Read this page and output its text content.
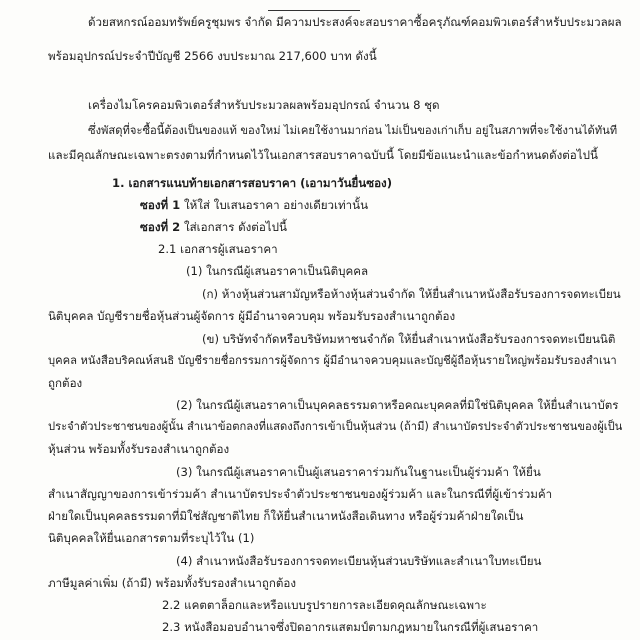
ด้วยสหกรณ์ออมทรัพย์ครูชุมพร จำกัด มีความประสงค์จะสอบราคาซื้อครุภัณฑ์คอมพิวเตอร์สำหรับประมวลผล

พร้อมอุปกรณ์ประจำปีบัญชี 2566 งบประมาณ 217,600 บาท ดังนี้

เครื่องไมโครคอมพิวเตอร์สำหรับประมวลผลพร้อมอุปกรณ์ จำนวน 8 ชุด

ซึ่งพัสดุที่จะซื้อนี้ต้องเป็นของแท้ ของใหม่ ไม่เคยใช้งานมาก่อน ไม่เป็นของเก่าเก็บ อยู่ในสภาพที่จะใช้งานได้ทันที

และมีคุณลักษณะเฉพาะตรงตามที่กำหนดไว้ในเอกสารสอบราคาฉบับนี้ โดยมีข้อแนะนำและข้อกำหนดดังต่อไปนี้

1. เอกสารแนบท้ายเอกสารสอบราคา (เอามาวันยื่นซอง)

ซองที่ 1 ให้ใส่ ใบเสนอราคา อย่างเดียวเท่านั้น

ซองที่ 2 ใส่เอกสาร ดังต่อไปนี้

2.1 เอกสารผู้เสนอราคา

(1) ในกรณีผู้เสนอราคาเป็นนิติบุคคล

(ก) ห้างหุ้นส่วนสามัญหรือห้างหุ้นส่วนจำกัด ให้ยื่นสำเนาหนังสือรับรองการจดทะเบียน

นิติบุคคล บัญชีรายชื่อหุ้นส่วนผู้จัดการ ผู้มีอำนาจควบคุม พร้อมรับรองสำเนาถูกต้อง

(ข) บริษัทจำกัดหรือบริษัทมหาชนจำกัด ให้ยื่นสำเนาหนังสือรับรองการจดทะเบียนนิติ

บุคคล หนังสือบริคณห์สนธิ บัญชีรายชื่อกรรมการผู้จัดการ ผู้มีอำนาจควบคุมและบัญชีผู้ถือหุ้นรายใหญ่พร้อมรับรองสำเนา

ถูกต้อง

(2) ในกรณีผู้เสนอราคาเป็นบุคคลธรรมดาหรือคณะบุคคลที่มิใช่นิติบุคคล ให้ยื่นสำเนาบัตร

ประจำตัวประชาชนของผู้นั้น สำเนาข้อตกลงที่แสดงถึงการเข้าเป็นหุ้นส่วน (ถ้ามี) สำเนาบัตรประจำตัวประชาชนของผู้เป็น

หุ้นส่วน พร้อมทั้งรับรองสำเนาถูกต้อง

(3) ในกรณีผู้เสนอราคาเป็นผู้เสนอราคาร่วมกันในฐานะเป็นผู้ร่วมค้า ให้ยื่น

สำเนาสัญญาของการเข้าร่วมค้า สำเนาบัตรประจำตัวประชาชนของผู้ร่วมค้า และในกรณีที่ผู้เข้าร่วมค้า

ฝ่ายใดเป็นบุคคลธรรมดาที่มิใช่สัญชาติไทย ก็ให้ยื่นสำเนาหนังสือเดินทาง หรือผู้ร่วมค้าฝ่ายใดเป็น

นิติบุคคลให้ยื่นเอกสารตามที่ระบุไว้ใน (1)

(4) สำเนาหนังสือรับรองการจดทะเบียนหุ้นส่วนบริษัทและสำเนาใบทะเบียน

ภาษีมูลค่าเพิ่ม (ถ้ามี) พร้อมทั้งรับรองสำเนาถูกต้อง

2.2 แคตตาล็อกและหรือแบบรูปรายการละเอียดคุณลักษณะเฉพาะ

2.3 หนังสือมอบอำนาจซึ่งปิดอากรแสตมป์ตามกฎหมายในกรณีที่ผู้เสนอราคา
